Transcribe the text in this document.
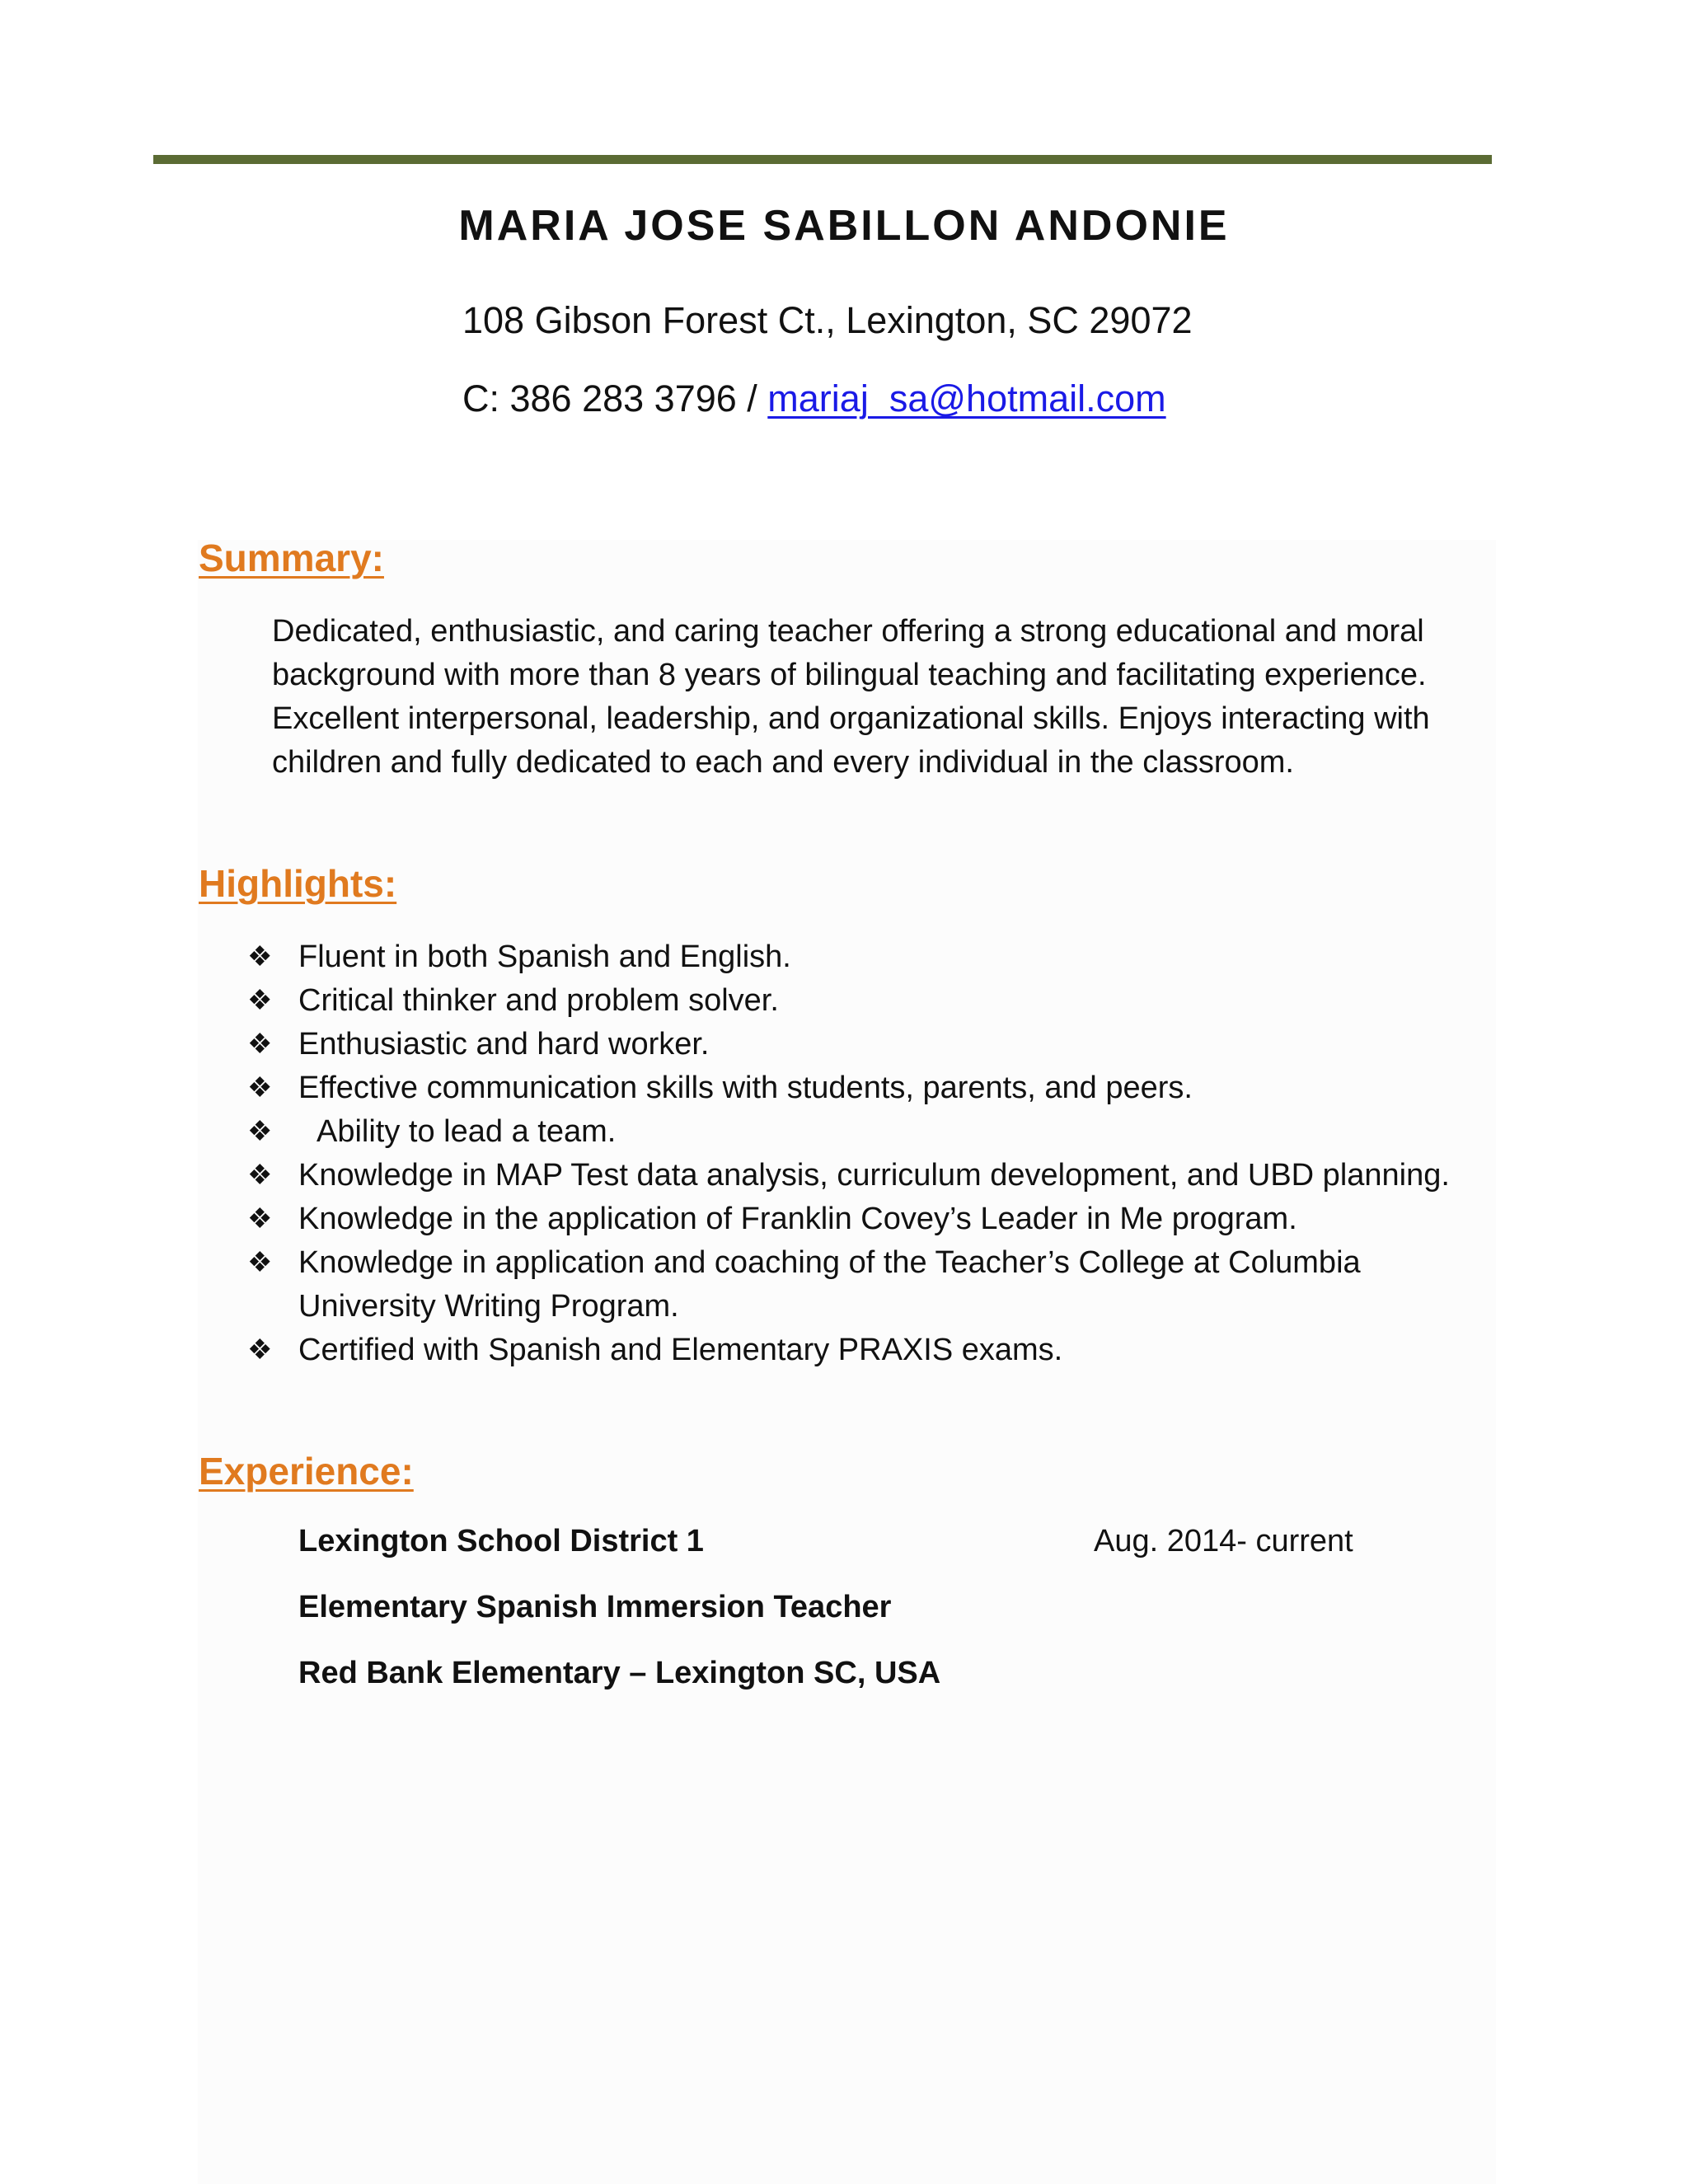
MARIA JOSE SABILLON ANDONIE
108 Gibson Forest Ct., Lexington, SC 29072
C: 386 283 3796 / mariaj_sa@hotmail.com
Summary:
Dedicated, enthusiastic, and caring teacher offering a strong educational and moral background with more than 8 years of bilingual teaching and facilitating experience. Excellent interpersonal, leadership, and organizational skills. Enjoys interacting with children and fully dedicated to each and every individual in the classroom.
Highlights:
❖ Fluent in both Spanish and English.
❖ Critical thinker and problem solver.
❖ Enthusiastic and hard worker.
❖ Effective communication skills with students, parents, and peers.
❖ Ability to lead a team.
❖ Knowledge in MAP Test data analysis, curriculum development, and UBD planning.
❖ Knowledge in the application of Franklin Covey’s Leader in Me program.
❖ Knowledge in application and coaching of the Teacher’s College at Columbia University Writing Program.
❖ Certified with Spanish and Elementary PRAXIS exams.
Experience:
Lexington School District 1	Aug. 2014- current
Elementary Spanish Immersion Teacher
Red Bank Elementary – Lexington SC, USA
